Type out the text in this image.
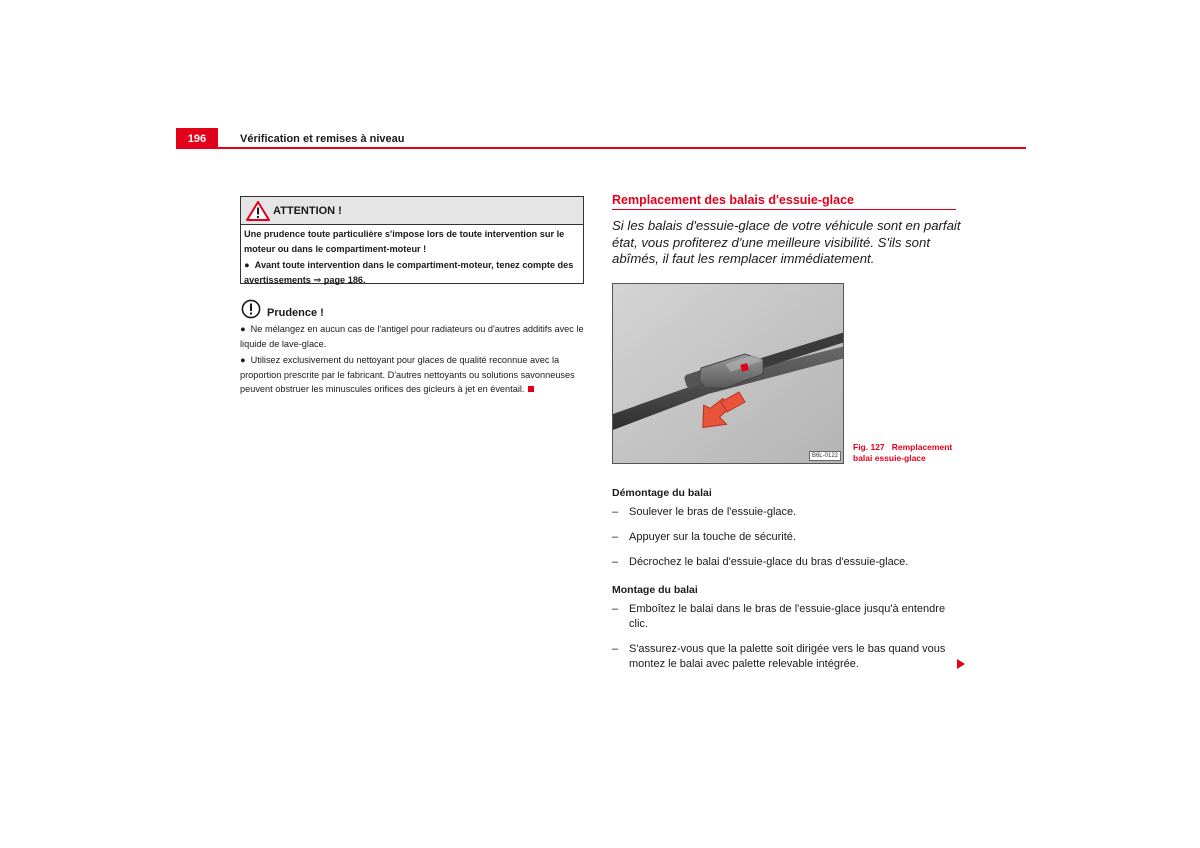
196	Vérification et remises à niveau
ATTENTION !

Une prudence toute particulière s'impose lors de toute intervention sur le moteur ou dans le compartiment-moteur !

●  Avant toute intervention dans le compartiment-moteur, tenez compte des avertissements ⇒ page 186.

Prudence !

●  Ne mélangez en aucun cas de l'antigel pour radiateurs ou d'autres additifs avec le liquide de lave-glace.

●  Utilisez exclusivement du nettoyant pour glaces de qualité reconnue avec la proportion prescrite par le fabricant. D'autres nettoyants ou solutions savonneuses peuvent obstruer les minuscules orifices des gicleurs à jet en éventail.

Remplacement des balais d'essuie-glace
Si les balais d'essuie-glace de votre véhicule sont en parfait état, vous profiterez d'une meilleure visibilité. S'ils sont abîmés, il faut les remplacer immédiatement.
B6L-0122
Fig. 127 Remplacement balai essuie-glace
Démontage du balai
– Soulever le bras de l'essuie-glace.
– Appuyer sur la touche de sécurité.
– Décrochez le balai d'essuie-glace du bras d'essuie-glace.
Montage du balai
– Emboîtez le balai dans le bras de l'essuie-glace jusqu'à entendre clic.
– S'assurez-vous que la palette soit dirigée vers le bas quand vous montez le balai avec palette relevable intégrée.
